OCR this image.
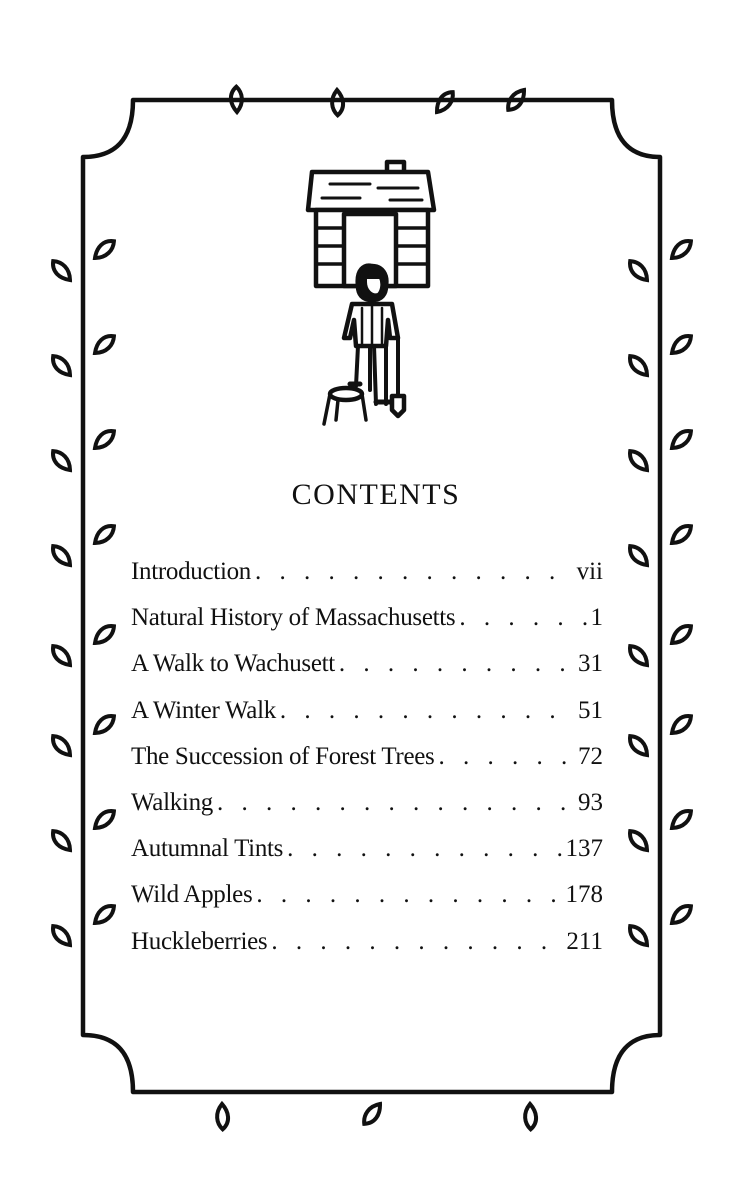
CONTENTS
Introduction . . .	vii
Natural History of Massachusetts . . .	1
A Walk to Wachusett . . .	31
A Winter Walk . . .	51
The Succession of Forest Trees . . .	72
Walking . . .	93
Autumnal Tints . . .	137
Wild Apples . . .	178
Huckleberries . . .	211
